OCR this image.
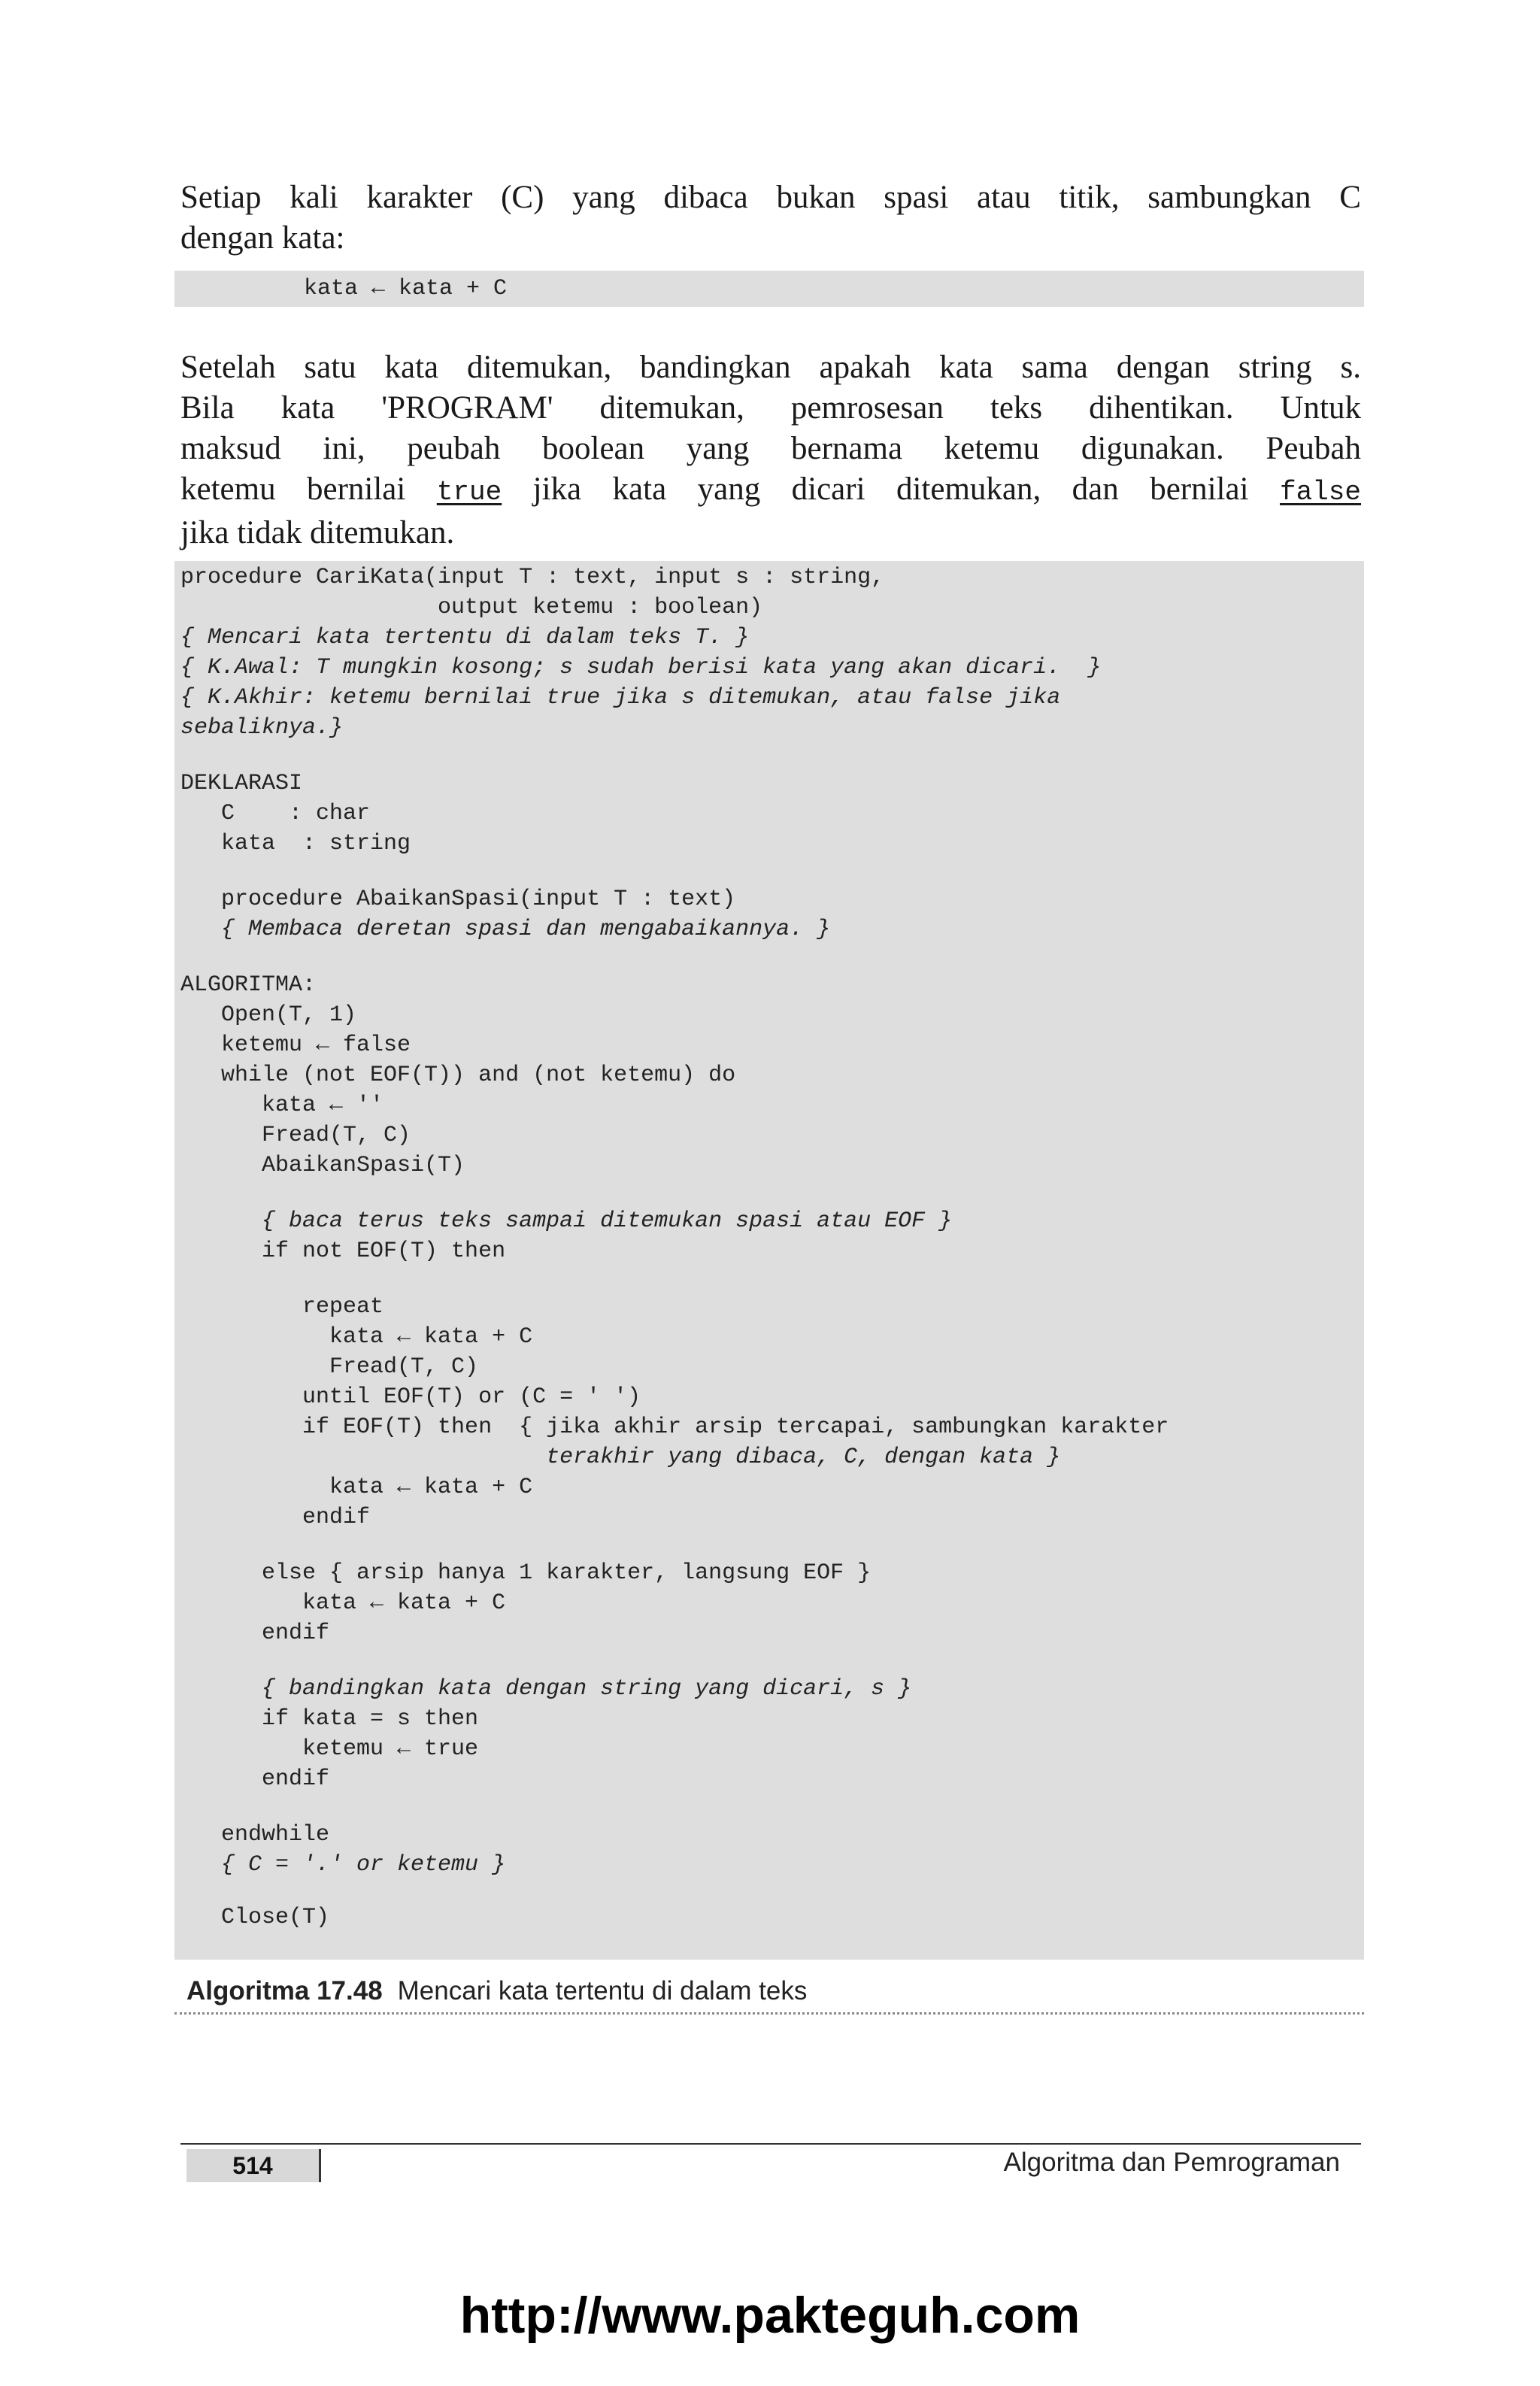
Setiap kali karakter (C) yang dibaca bukan spasi atau titik, sambungkan C
dengan kata:
kata ← kata + C
Setelah satu kata ditemukan, bandingkan apakah kata sama dengan string s.
Bila kata 'PROGRAM' ditemukan, pemrosesan teks dihentikan. Untuk
maksud ini, peubah boolean yang bernama ketemu digunakan. Peubah
ketemu bernilai true jika kata yang dicari ditemukan, dan bernilai false
jika tidak ditemukan.
procedure CariKata(input T : text, input s : string,
output ketemu : boolean)
{ Mencari kata tertentu di dalam teks T. }
{ K.Awal: T mungkin kosong; s sudah berisi kata yang akan dicari.  }
{ K.Akhir: ketemu bernilai true jika s ditemukan, atau false jika
sebaliknya.}
DEKLARASI
C    : char
kata  : string
procedure AbaikanSpasi(input T : text)
{ Membaca deretan spasi dan mengabaikannya. }
ALGORITMA:
Open(T, 1)
ketemu ← false
while (not EOF(T)) and (not ketemu) do
kata ← ''
Fread(T, C)
AbaikanSpasi(T)
{ baca terus teks sampai ditemukan spasi atau EOF }
if not EOF(T) then
repeat
kata ← kata + C
Fread(T, C)
until EOF(T) or (C = ' ')
if EOF(T) then  { jika akhir arsip tercapai, sambungkan karakter
terakhir yang dibaca, C, dengan kata }
kata ← kata + C
endif
else { arsip hanya 1 karakter, langsung EOF }
kata ← kata + C
endif
{ bandingkan kata dengan string yang dicari, s }
if kata = s then
ketemu ← true
endif
endwhile
{ C = '.' or ketemu }
Close(T)
Algoritma 17.48 Mencari kata tertentu di dalam teks
514	Algoritma dan Pemrograman
http://www.pakteguh.com
